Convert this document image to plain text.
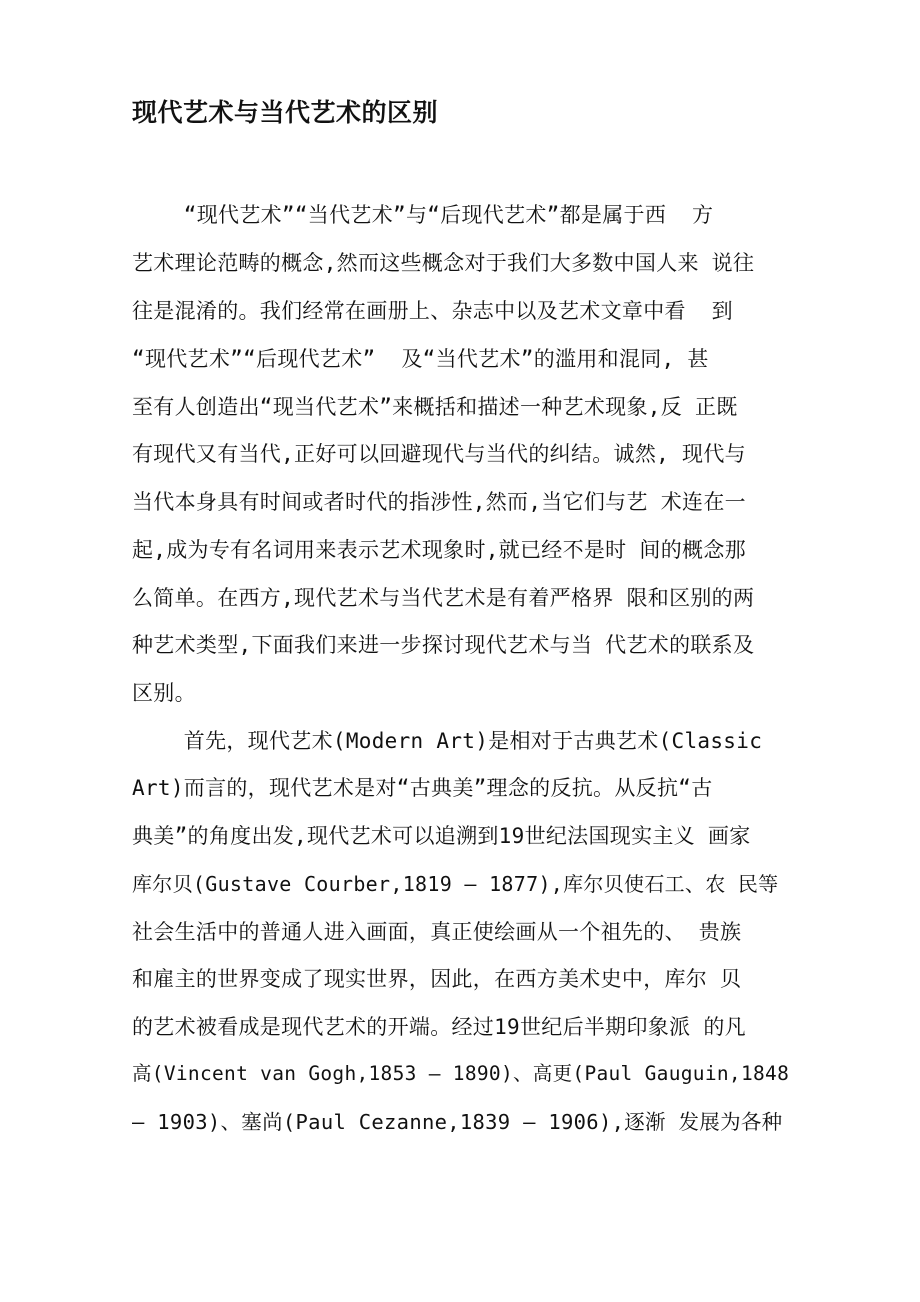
现代艺术与当代艺术的区别
“现代艺术”“当代艺术”与“后现代艺术”都是属于西  方
艺术理论范畴的概念,然而这些概念对于我们大多数中国人来 说往
往是混淆的。我们经常在画册上、杂志中以及艺术文章中看  到
“现代艺术”“后现代艺术”  及“当代艺术”的滥用和混同, 甚
至有人创造出“现当代艺术”来概括和描述一种艺术现象,反 正既
有现代又有当代,正好可以回避现代与当代的纠结。诚然, 现代与
当代本身具有时间或者时代的指涉性,然而,当它们与艺 术连在一
起,成为专有名词用来表示艺术现象时,就已经不是时 间的概念那
么简单。在西方,现代艺术与当代艺术是有着严格界 限和区别的两
种艺术类型,下面我们来进一步探讨现代艺术与当 代艺术的联系及
区别。
首先，现代艺术(Modern Art)是相对于古典艺术(Classic
Art)而言的，现代艺术是对“古典美”理念的反抗。从反抗“古
典美”的角度出发,现代艺术可以追溯到19世纪法国现实主义 画家
库尔贝(Gustave Courber,1819 — 1877),库尔贝使石工、农 民等
社会生活中的普通人进入画面，真正使绘画从一个祖先的、 贵族
和雇主的世界变成了现实世界，因此，在西方美术史中，库尔 贝
的艺术被看成是现代艺术的开端。经过19世纪后半期印象派 的凡
高(Vincent van Gogh,1853 — 1890)、高更(Paul Gauguin,1848
— 1903)、塞尚(Paul Cezanne,1839 — 1906),逐渐 发展为各种
